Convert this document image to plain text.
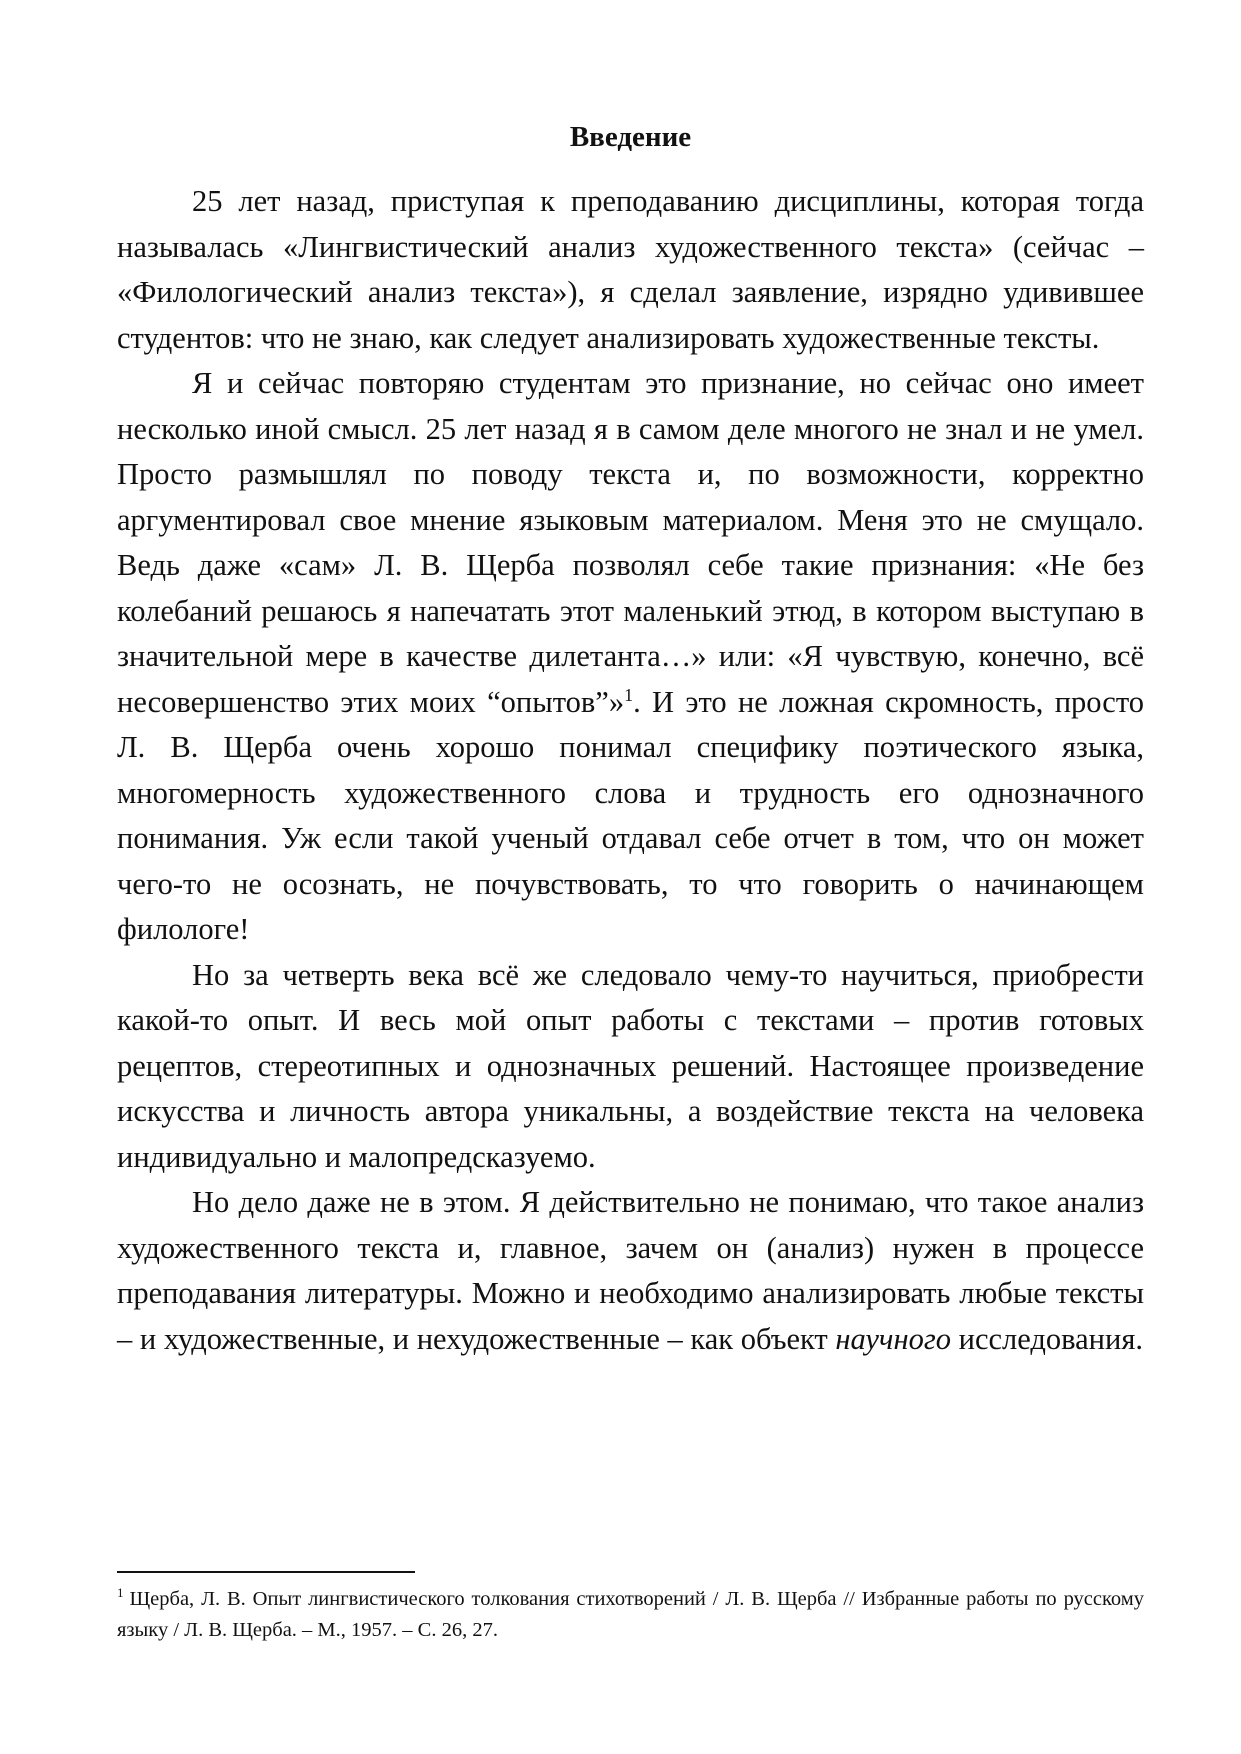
Введение

25 лет назад, приступая к преподаванию дисциплины, которая тогда называлась «Лингвистический анализ художественного текста» (сейчас – «Филологический анализ текста»), я сделал заявление, изрядно удивившее студентов: что не знаю, как следует анализировать художественные тексты.

Я и сейчас повторяю студентам это признание, но сейчас оно имеет несколько иной смысл. 25 лет назад я в самом деле многого не знал и не умел. Просто размышлял по поводу текста и, по возможности, корректно аргументировал свое мнение языковым материалом. Меня это не смущало. Ведь даже «сам» Л. В. Щерба позволял себе такие признания: «Не без колебаний решаюсь я напечатать этот маленький этюд, в котором выступаю в значительной мере в качестве дилетанта…» или: «Я чувствую, конечно, всё несовершенство этих моих “опытов”»$^1$. И это не ложная скромность, просто Л. В. Щерба очень хорошо понимал специфику поэтического языка, многомерность художественного слова и трудность его однозначного понимания. Уж если такой ученый отдавал себе отчет в том, что он может чего-то не осознать, не почувствовать, то что говорить о начинающем филологе!

Но за четверть века всё же следовало чему-то научиться, приобрести какой-то опыт. И весь мой опыт работы с текстами – против готовых рецептов, стереотипных и однозначных решений. Настоящее произведение искусства и личность автора уникальны, а воздействие текста на человека индивидуально и малопредсказуемо.

Но дело даже не в этом. Я действительно не понимаю, что такое анализ художественного текста и, главное, зачем он (анализ) нужен в процессе преподавания литературы. Можно и необходимо анализировать любые тексты – и художественные, и нехудожественные – как объект научного исследования.

$^1$ Щерба, Л. В. Опыт лингвистического толкования стихотворений / Л. В. Щерба // Избранные работы по русскому языку / Л. В. Щерба. – М., 1957. – С. 26, 27.
